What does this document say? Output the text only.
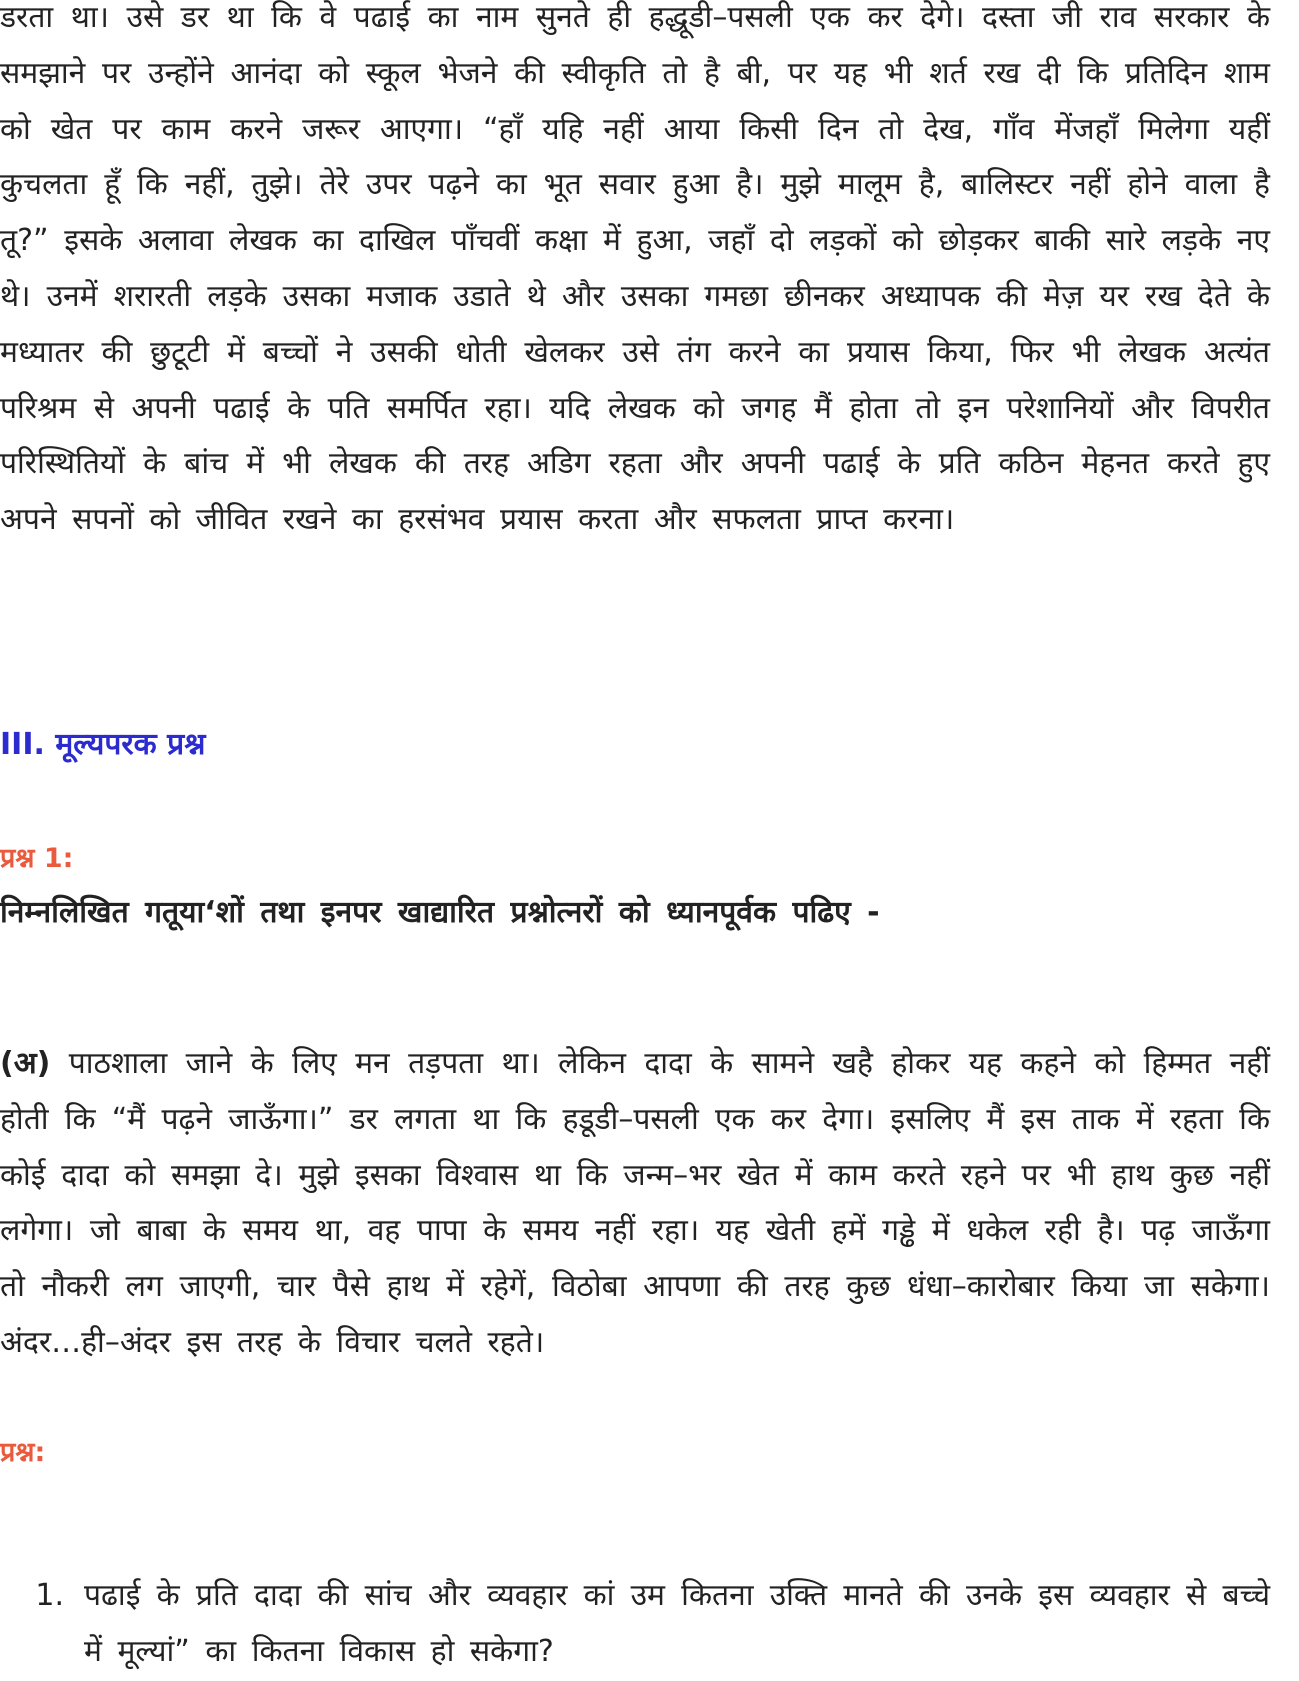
डरता था। उसे डर था कि वे पढाई का नाम सुनते ही हद्धूडी–पसली एक कर देगे। दस्ता जी राव सरकार के समझाने पर उन्होंने आनंदा को स्कूल भेजने की स्वीकृति तो है बी, पर यह भी शर्त रख दी कि प्रतिदिन शाम को खेत पर काम करने जरूर आएगा। “हाँ यहि नहीं आया किसी दिन तो देख, गाँव मेंजहाँ मिलेगा यहीं कुचलता हूँ कि नहीं, तुझे। तेरे उपर पढ़ने का भूत सवार हुआ है। मुझे मालूम है, बालिस्टर नहीं होने वाला है तू?” इसके अलावा लेखक का दाखिल पाँचवीं कक्षा में हुआ, जहाँ दो लड़कों को छोड़कर बाकी सारे लड़के नए थे। उनमें शरारती लड़के उसका मजाक उडाते थे और उसका गमछा छीनकर अध्यापक की मेज़ यर रख देते के मध्यातर की छुटूटी में बच्चों ने उसकी धोती खेलकर उसे तंग करने का प्रयास किया, फिर भी लेखक अत्यंत परिश्रम से अपनी पढाई के पति समर्पित रहा। यदि लेखक को जगह मैं होता तो इन परेशानियों और विपरीत परिस्थितियों के बांच में भी लेखक की तरह अडिग रहता और अपनी पढाई के प्रति कठिन मेहनत करते हुए अपने सपनों को जीवित रखने का हरसंभव प्रयास करता और सफलता प्राप्त करना।

III. मूल्यपरक प्रश्न
प्रश्न 1:

निम्नलिखित गतूया‘शों तथा इनपर खाद्यारित प्रश्नोत्नरों को ध्यानपूर्वक पढिए -

(अ) पाठशाला जाने के लिए मन तड़पता था। लेकिन दादा के सामने खहै होकर यह कहने को हिम्मत नहीं होती कि “मैं पढ़ने जाऊँगा।” डर लगता था कि हडूडी–पसली एक कर देगा। इसलिए मैं इस ताक में रहता कि कोई दादा को समझा दे। मुझे इसका विश्वास था कि जन्म–भर खेत में काम करते रहने पर भी हाथ कुछ नहीं लगेगा। जो बाबा के समय था, वह पापा के समय नहीं रहा। यह खेती हमें गड्ढे में धकेल रही है। पढ़ जाऊँगा तो नौकरी लग जाएगी, चार पैसे हाथ में रहेगें, विठोबा आपणा की तरह कुछ धंधा–कारोबार किया जा सकेगा। अंदर…ही–अंदर इस तरह के विचार चलते रहते।

प्रश्न:
1. पढाई के प्रति दादा की सांच और व्यवहार कां उम कितना उक्ति मानते की उनके इस व्यवहार से बच्चे में मूल्यां” का कितना विकास हो सकेगा?
